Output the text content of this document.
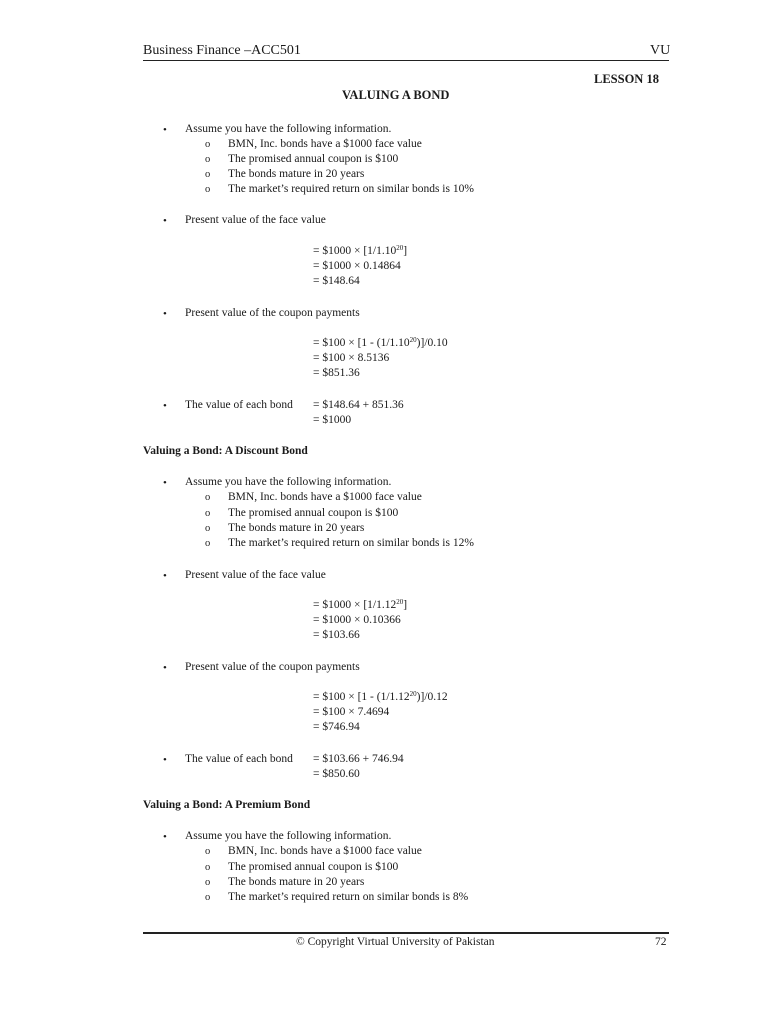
Business Finance –ACC501	VU
LESSON 18
VALUING A BOND
• Assume you have the following information.
o BMN, Inc. bonds have a $1000 face value
o The promised annual coupon is $100
o The bonds mature in 20 years
o The market’s required return on similar bonds is 10%
• Present value of the face value
= $1000 × $[1/1.10^{20}]$
= $1000 × 0.14864
= $148.64
• Present value of the coupon payments
= $100 × $[1 - (1/1.10^{20})]/0.10$
= $100 × 8.5136
= $851.36
• The value of each bond = $148.64 + 851.36
= $1000
Valuing a Bond: A Discount Bond
• Assume you have the following information.
o BMN, Inc. bonds have a $1000 face value
o The promised annual coupon is $100
o The bonds mature in 20 years
o The market’s required return on similar bonds is 12%
• Present value of the face value
= $1000 × $[1/1.12^{20}]$
= $1000 × 0.10366
= $103.66
• Present value of the coupon payments
= $100 × $[1 - (1/1.12^{20})]/0.12$
= $100 × 7.4694
= $746.94
• The value of each bond = $103.66 + 746.94
= $850.60
Valuing a Bond: A Premium Bond
• Assume you have the following information.
o BMN, Inc. bonds have a $1000 face value
o The promised annual coupon is $100
o The bonds mature in 20 years
o The market’s required return on similar bonds is 8%
© Copyright Virtual University of Pakistan	72
